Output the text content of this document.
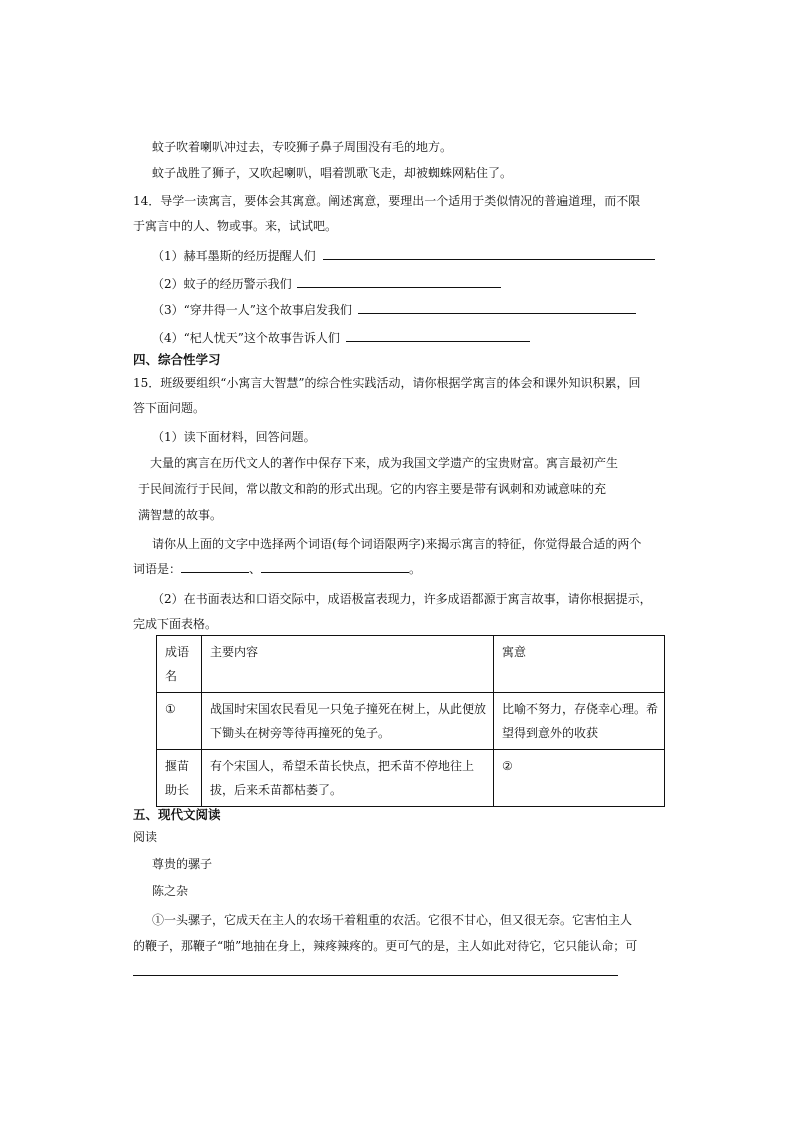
蚊子吹着喇叭冲过去，专咬狮子鼻子周围没有毛的地方。
蚊子战胜了狮子，又吹起喇叭，唱着凯歌飞走，却被蜘蛛网粘住了。
14．导学一读寓言，要体会其寓意。阐述寓意，要理出一个适用于类似情况的普遍道理，而不限
于寓言中的人、物或事。来，试试吧。
（1）赫耳墨斯的经历提醒人们
（2）蚊子的经历警示我们
（3）“穿井得一人”这个故事启发我们
（4）“杞人忧天”这个故事告诉人们
四、综合性学习
15．班级要组织“小寓言大智慧”的综合性实践活动，请你根据学寓言的体会和课外知识积累，回
答下面问题。
（1）读下面材料，回答问题。
大量的寓言在历代文人的著作中保存下来，成为我国文学遗产的宝贵财富。寓言最初产生
于民间流行于民间，常以散文和韵的形式出现。它的内容主要是带有讽刺和劝诫意味的充
满智慧的故事。
请你从上面的文字中选择两个词语(每个词语限两字)来揭示寓言的特征，你觉得最合适的两个
词语是：	、	。
（2）在书面表达和口语交际中，成语极富表现力，许多成语都源于寓言故事，请你根据提示，
完成下面表格。
成语名	主要内容	寓意
①	战国时宋国农民看见一只兔子撞死在树上，从此便放下锄头在树旁等待再撞死的兔子。	比喻不努力，存侥幸心理。希望得到意外的收获
揠苗助长	有个宋国人，希望禾苗长快点，把禾苗不停地往上拔，后来禾苗都枯萎了。	②
五、现代文阅读
阅读
尊贵的骡子
陈之杂
①一头骡子，它成天在主人的农场干着粗重的农活。它很不甘心，但又很无奈。它害怕主人
的鞭子，那鞭子“啪”地抽在身上，辣疼辣疼的。更可气的是，主人如此对待它，它只能认命；可
